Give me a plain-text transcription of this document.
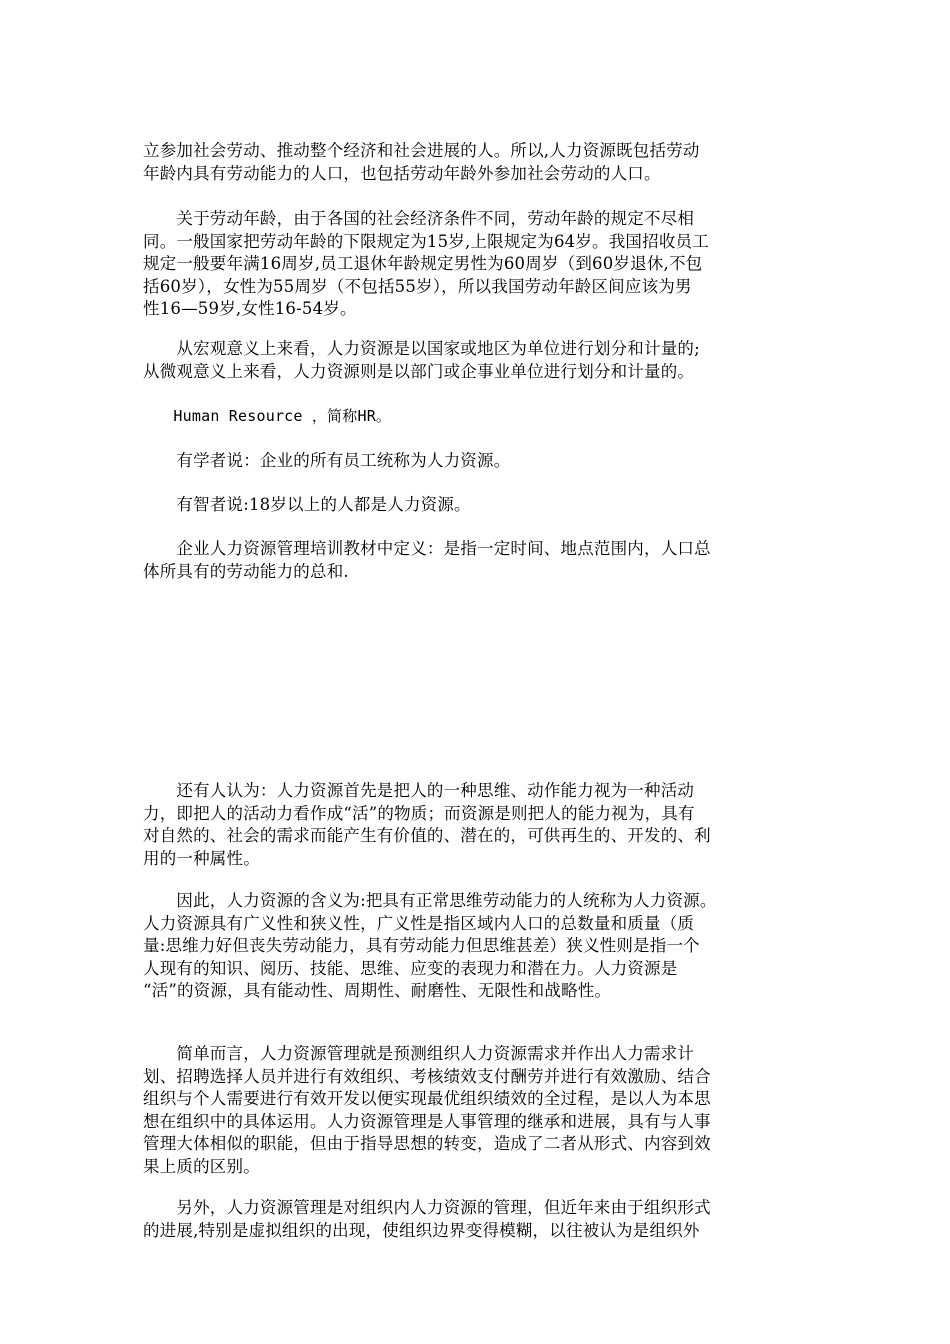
立参加社会劳动、推动整个经济和社会进展的人。所以,人力资源既包括劳动
年龄内具有劳动能力的人口，也包括劳动年龄外参加社会劳动的人口。

　　关于劳动年龄，由于各国的社会经济条件不同，劳动年龄的规定不尽相
同。一般国家把劳动年龄的下限规定为15岁,上限规定为64岁。我国招收员工
规定一般要年满16周岁,员工退休年龄规定男性为60周岁（到60岁退休,不包
括60岁），女性为55周岁（不包括55岁），所以我国劳动年龄区间应该为男
性16—59岁,女性16-54岁。

　　从宏观意义上来看，人力资源是以国家或地区为单位进行划分和计量的;
从微观意义上来看，人力资源则是以部门或企事业单位进行划分和计量的。

　　Human Resource ，简称HR。

　　有学者说：企业的所有员工统称为人力资源。

　　有智者说:18岁以上的人都是人力资源。

　　企业人力资源管理培训教材中定义：是指一定时间、地点范围内，人口总
体所具有的劳动能力的总和.

　　还有人认为：人力资源首先是把人的一种思维、动作能力视为一种活动
力，即把人的活动力看作成“活”的物质；而资源是则把人的能力视为，具有
对自然的、社会的需求而能产生有价值的、潜在的，可供再生的、开发的、利
用的一种属性。

　　因此，人力资源的含义为:把具有正常思维劳动能力的人统称为人力资源。
人力资源具有广义性和狭义性，广义性是指区域内人口的总数量和质量（质
量:思维力好但丧失劳动能力，具有劳动能力但思维甚差）狭义性则是指一个
人现有的知识、阅历、技能、思维、应变的表现力和潜在力。人力资源是
“活”的资源，具有能动性、周期性、耐磨性、无限性和战略性。

　　简单而言，人力资源管理就是预测组织人力资源需求并作出人力需求计
划、招聘选择人员并进行有效组织、考核绩效支付酬劳并进行有效激励、结合
组织与个人需要进行有效开发以便实现最优组织绩效的全过程，是以人为本思
想在组织中的具体运用。人力资源管理是人事管理的继承和进展，具有与人事
管理大体相似的职能，但由于指导思想的转变，造成了二者从形式、内容到效
果上质的区别。

　　另外，人力资源管理是对组织内人力资源的管理，但近年来由于组织形式
的进展,特别是虚拟组织的出现，使组织边界变得模糊，以往被认为是组织外
